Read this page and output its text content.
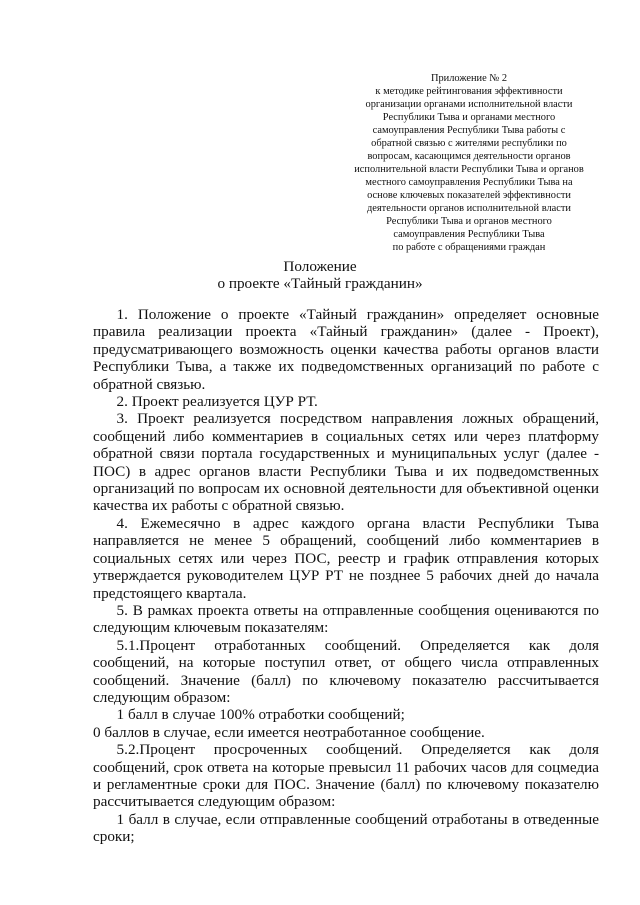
Приложение № 2

к методике рейтингования эффективности

организации органами исполнительной власти

Республики Тыва и органами местного

самоуправления Республики Тыва работы с

обратной связью с жителями республики по

вопросам, касающимся деятельности органов

исполнительной власти Республики Тыва и органов

местного самоуправления Республики Тыва на

основе ключевых показателей эффективности

деятельности органов исполнительной власти

Республики Тыва и органов местного

самоуправления Республики Тыва

по работе с обращениями граждан

Положение

о проекте «Тайный гражданин»

1. Положение о проекте «Тайный гражданин» определяет основные правила реализации проекта «Тайный гражданин» (далее - Проект), предусматривающего возможность оценки качества работы органов власти Республики Тыва, а также их подведомственных организаций по работе с обратной связью.

2. Проект реализуется ЦУР РТ.

3. Проект реализуется посредством направления ложных обращений, сообщений либо комментариев в социальных сетях или через платформу обратной связи портала государственных и муниципальных услуг (далее - ПОС) в адрес органов власти Республики Тыва и их подведомственных организаций по вопросам их основной деятельности для объективной оценки качества их работы с обратной связью.

4. Ежемесячно в адрес каждого органа власти Республики Тыва направляется не менее 5 обращений, сообщений либо комментариев в социальных сетях или через ПОС, реестр и график отправления которых утверждается руководителем ЦУР РТ не позднее 5 рабочих дней до начала предстоящего квартала.

5. В рамках проекта ответы на отправленные сообщения оцениваются по следующим ключевым показателям:

5.1.Процент отработанных сообщений. Определяется как доля сообщений, на которые поступил ответ, от общего числа отправленных сообщений. Значение (балл) по ключевому показателю рассчитывается следующим образом:

1 балл в случае 100% отработки сообщений;

0 баллов в случае, если имеется неотработанное сообщение.

5.2.Процент просроченных сообщений. Определяется как доля сообщений, срок ответа на которые превысил 11 рабочих часов для соцмедиа и регламентные сроки для ПОС. Значение (балл) по ключевому показателю рассчитывается следующим образом:

1 балл в случае, если отправленные сообщений отработаны в отведенные сроки;
